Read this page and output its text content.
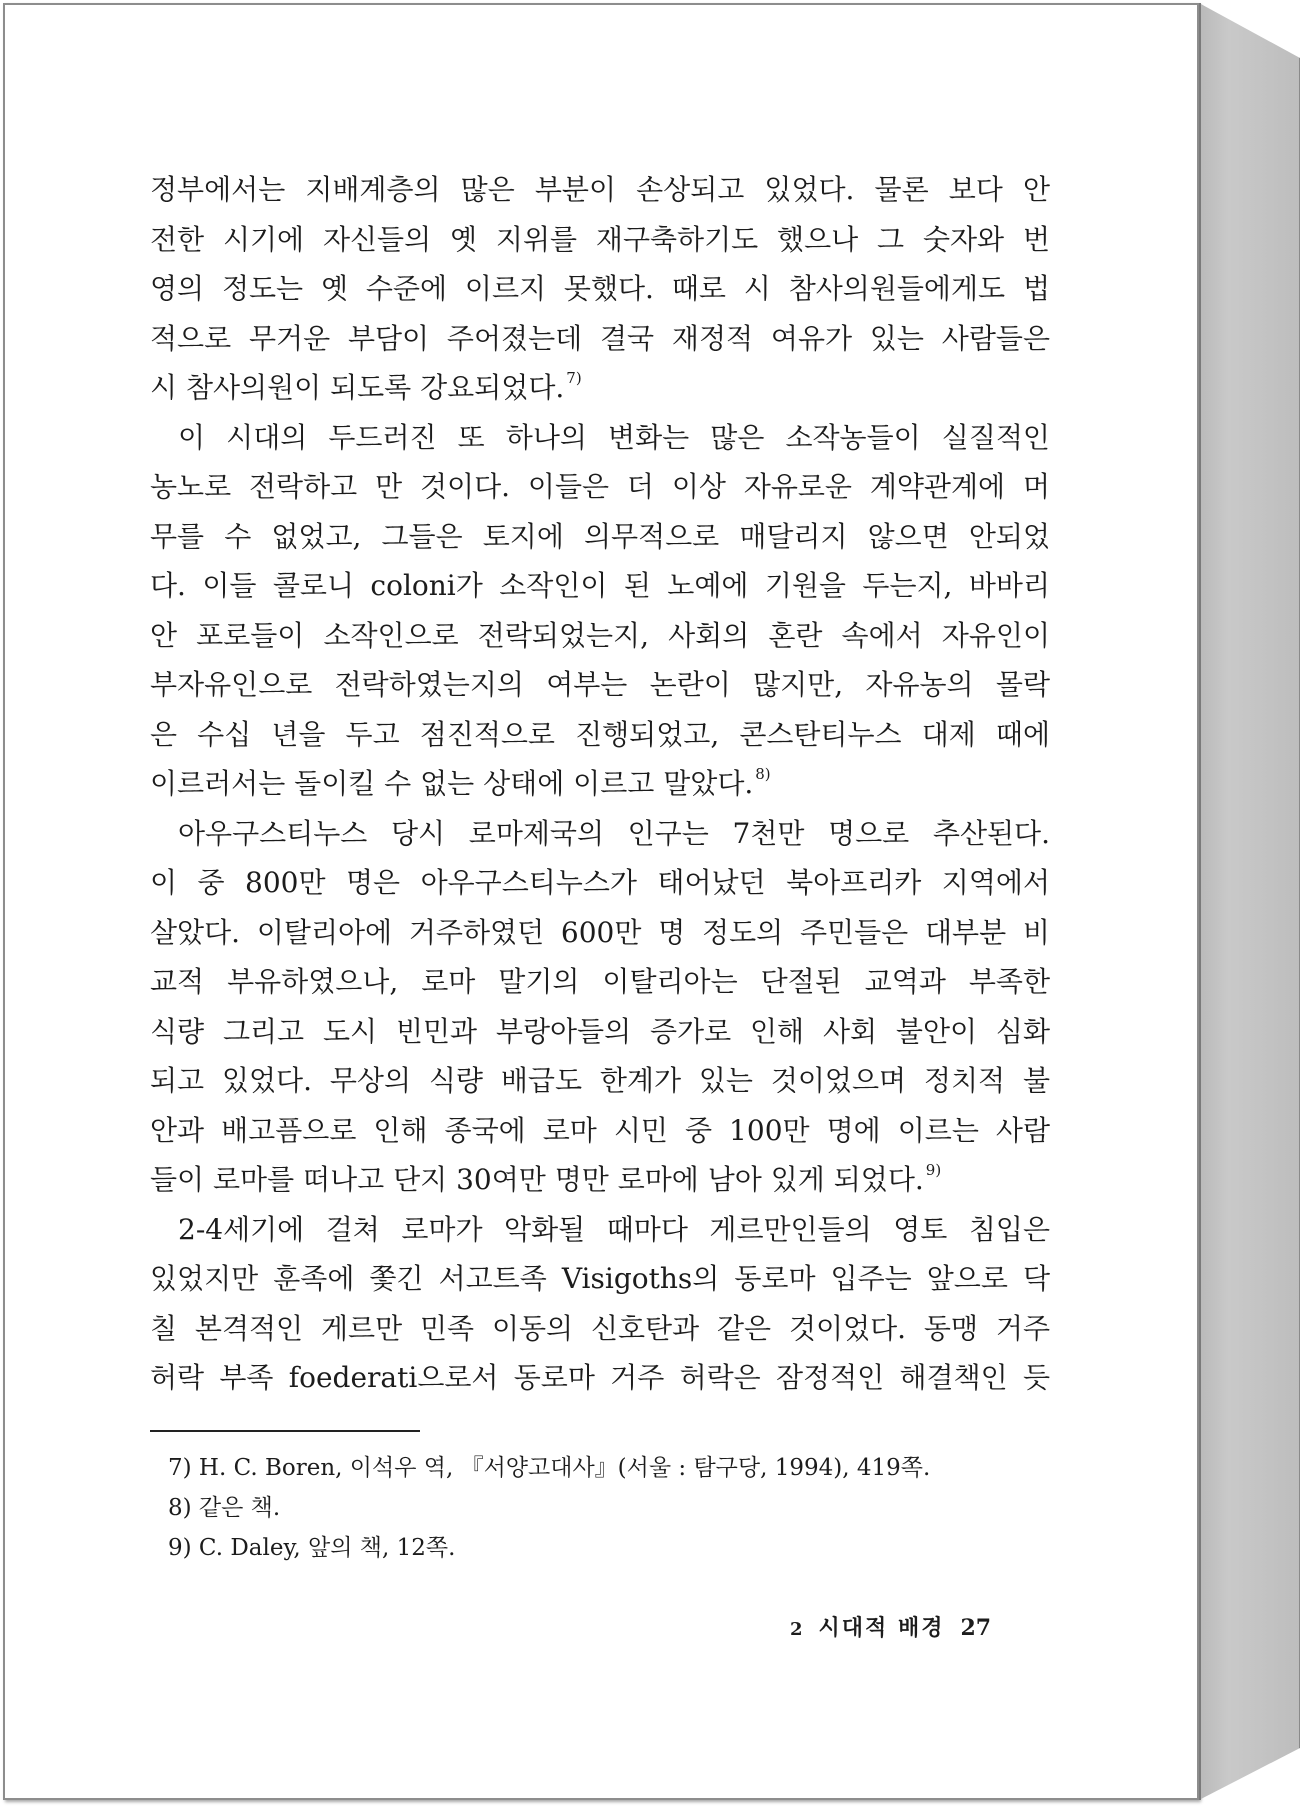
정부에서는 지배계층의 많은 부분이 손상되고 있었다. 물론 보다 안
전한 시기에 자신들의 옛 지위를 재구축하기도 했으나 그 숫자와 번
영의 정도는 옛 수준에 이르지 못했다. 때로 시 참사의원들에게도 법
적으로 무거운 부담이 주어졌는데 결국 재정적 여유가 있는 사람들은
시 참사의원이 되도록 강요되었다. $^{7)}$
이 시대의 두드러진 또 하나의 변화는 많은 소작농들이 실질적인
농노로 전락하고 만 것이다. 이들은 더 이상 자유로운 계약관계에 머
무를 수 없었고, 그들은 토지에 의무적으로 매달리지 않으면 안되었
다. 이들 콜로니 coloni가 소작인이 된 노예에 기원을 두는지, 바바리
안 포로들이 소작인으로 전락되었는지, 사회의 혼란 속에서 자유인이
부자유인으로 전락하였는지의 여부는 논란이 많지만, 자유농의 몰락
은 수십 년을 두고 점진적으로 진행되었고, 콘스탄티누스 대제 때에
이르러서는 돌이킬 수 없는 상태에 이르고 말았다. $^{8)}$
아우구스티누스 당시 로마제국의 인구는 7천만 명으로 추산된다.
이 중 800만 명은 아우구스티누스가 태어났던 북아프리카 지역에서
살았다. 이탈리아에 거주하였던 600만 명 정도의 주민들은 대부분 비
교적 부유하였으나, 로마 말기의 이탈리아는 단절된 교역과 부족한
식량 그리고 도시 빈민과 부랑아들의 증가로 인해 사회 불안이 심화
되고 있었다. 무상의 식량 배급도 한계가 있는 것이었으며 정치적 불
안과 배고픔으로 인해 종국에 로마 시민 중 100만 명에 이르는 사람
들이 로마를 떠나고 단지 30여만 명만 로마에 남아 있게 되었다. $^{9)}$
2-4세기에 걸쳐 로마가 악화될 때마다 게르만인들의 영토 침입은
있었지만 훈족에 쫓긴 서고트족 Visigoths의 동로마 입주는 앞으로 닥
칠 본격적인 게르만 민족 이동의 신호탄과 같은 것이었다. 동맹 거주
허락 부족 foederati으로서 동로마 거주 허락은 잠정적인 해결책인 듯
7) H. C. Boren, 이석우 역, 『서양고대사』(서울 : 탐구당, 1994), 419쪽.
8) 같은 책.
9) C. Daley, 앞의 책, 12쪽.
2 시대적 배경 27
